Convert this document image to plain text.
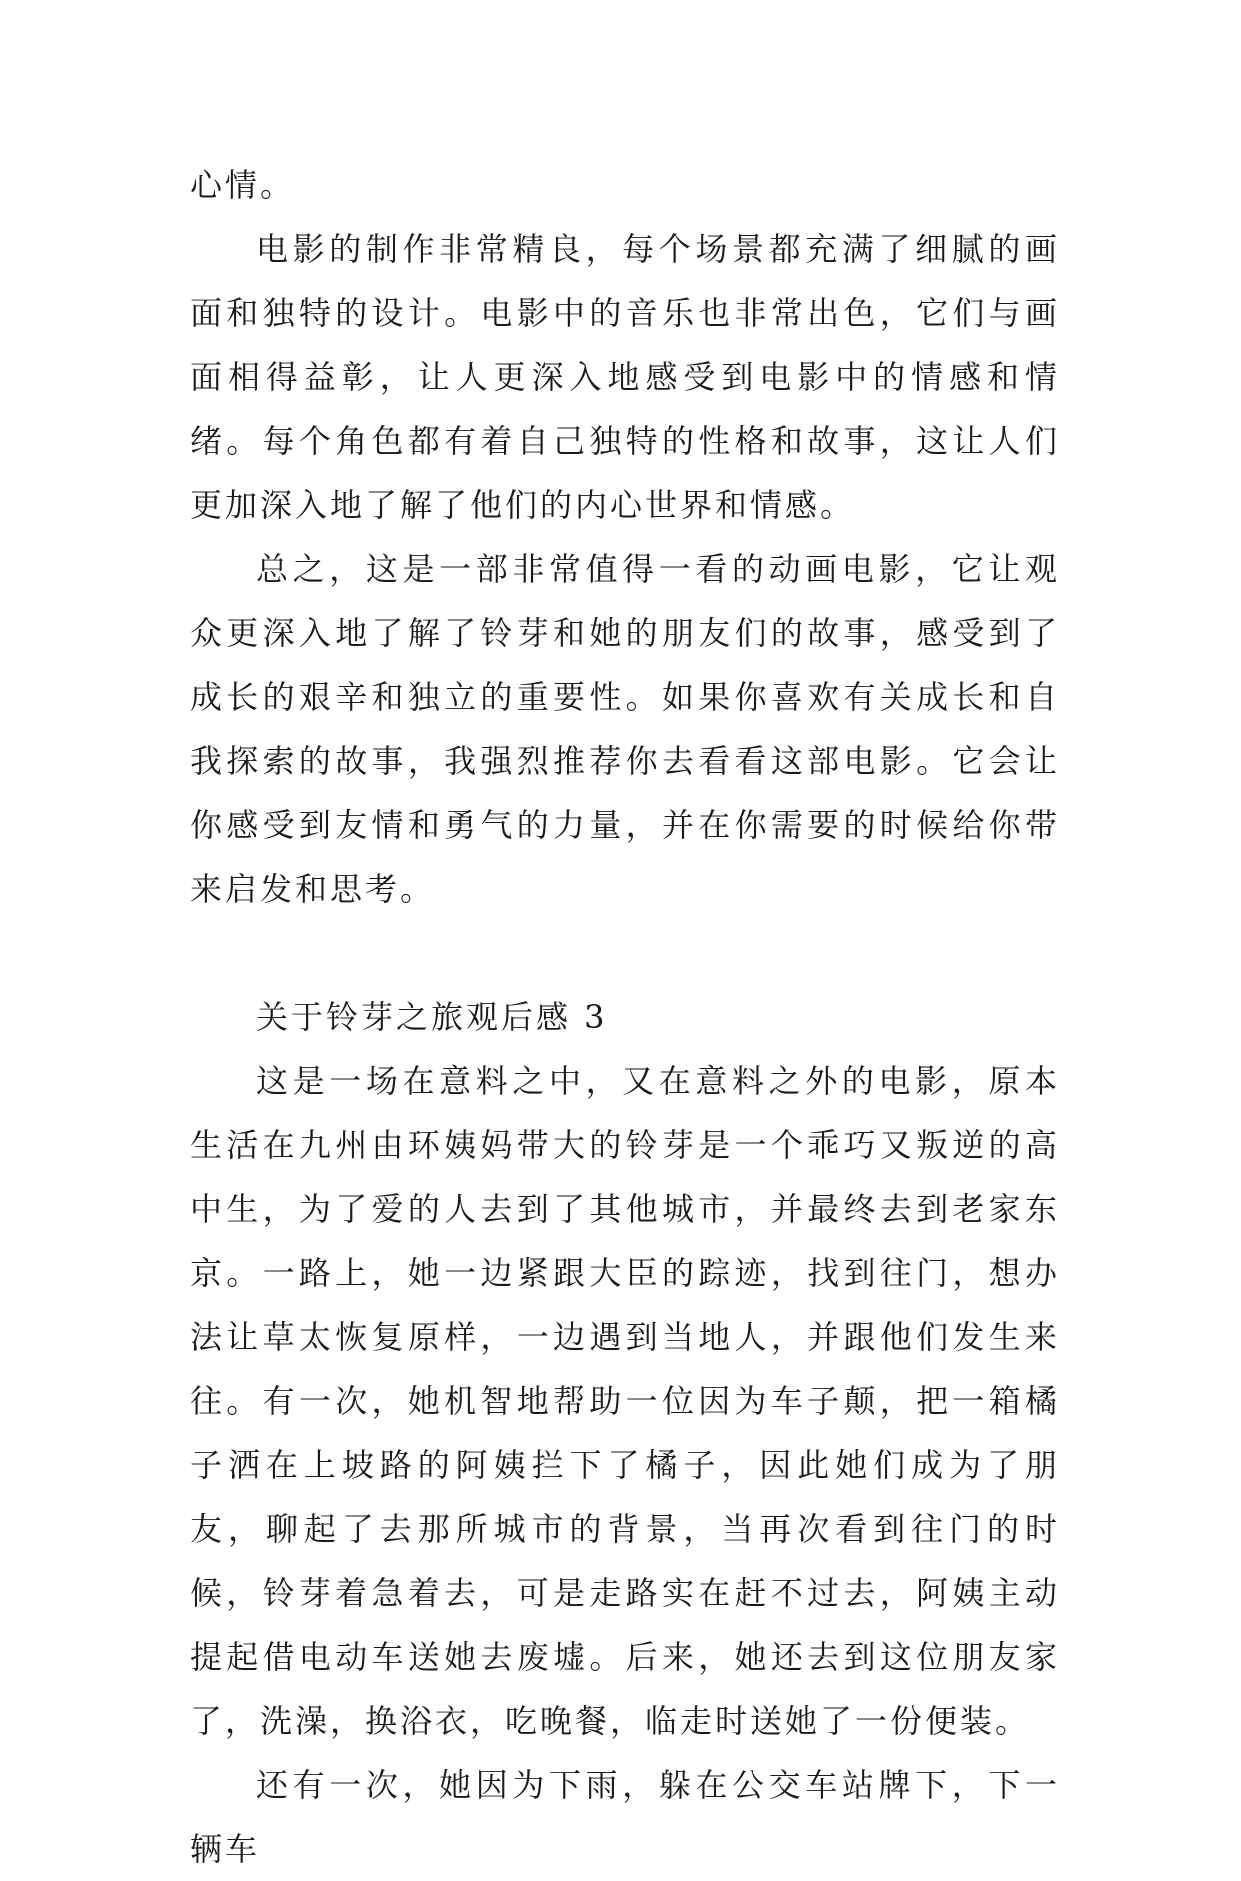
心情。

电影的制作非常精良，每个场景都充满了细腻的画面和独特的设计。电影中的音乐也非常出色，它们与画面相得益彰，让人更深入地感受到电影中的情感和情绪。每个角色都有着自己独特的性格和故事，这让人们更加深入地了解了他们的内心世界和情感。

总之，这是一部非常值得一看的动画电影，它让观众更深入地了解了铃芽和她的朋友们的故事，感受到了成长的艰辛和独立的重要性。如果你喜欢有关成长和自我探索的故事，我强烈推荐你去看看这部电影。它会让你感受到友情和勇气的力量，并在你需要的时候给你带来启发和思考。

关于铃芽之旅观后感 3

这是一场在意料之中，又在意料之外的电影，原本生活在九州由环姨妈带大的铃芽是一个乖巧又叛逆的高中生，为了爱的人去到了其他城市，并最终去到老家东京。一路上，她一边紧跟大臣的踪迹，找到往门，想办法让草太恢复原样，一边遇到当地人，并跟他们发生来往。有一次，她机智地帮助一位因为车子颠，把一箱橘子洒在上坡路的阿姨拦下了橘子，因此她们成为了朋友，聊起了去那所城市的背景，当再次看到往门的时候，铃芽着急着去，可是走路实在赶不过去，阿姨主动提起借电动车送她去废墟。后来，她还去到这位朋友家了，洗澡，换浴衣，吃晚餐，临走时送她了一份便装。

还有一次，她因为下雨，躲在公交车站牌下，下一辆车
